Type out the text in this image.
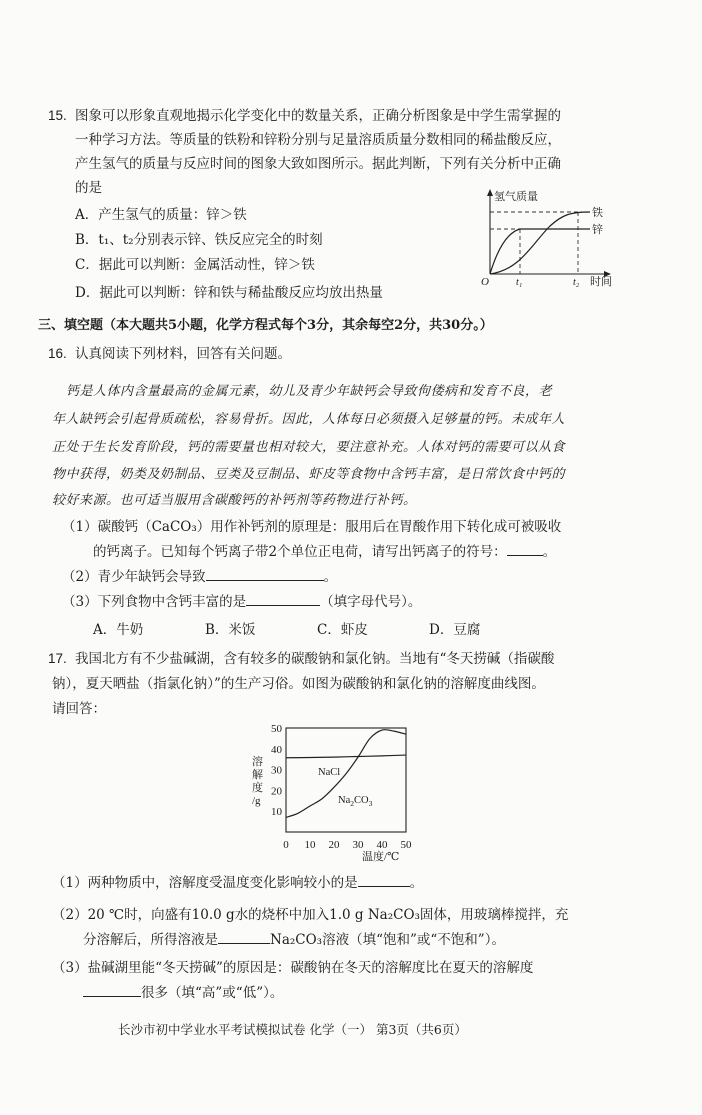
15. 图象可以形象直观地揭示化学变化中的数量关系，正确分析图象是中学生需掌握的
一种学习方法。等质量的铁粉和锌粉分别与足量溶质质量分数相同的稀盐酸反应，
产生氢气的质量与反应时间的图象大致如图所示。据此判断，下列有关分析中正确
的是
A．产生氢气的质量：锌＞铁
B．t₁、t₂分别表示锌、铁反应完全的时刻
C．据此可以判断：金属活动性，锌＞铁
D．据此可以判断：锌和铁与稀盐酸反应均放出热量
氢气质量
铁
锌
O	t₁	t₂ 时间
三、填空题（本大题共5小题，化学方程式每个3分，其余每空2分，共30分。）
16. 认真阅读下列材料，回答有关问题。
钙是人体内含量最高的金属元素，幼儿及青少年缺钙会导致佝偻病和发育不良，老
年人缺钙会引起骨质疏松，容易骨折。因此，人体每日必须摄入足够量的钙。未成年人
正处于生长发育阶段，钙的需要量也相对较大，要注意补充。人体对钙的需要可以从食
物中获得，奶类及奶制品、豆类及豆制品、虾皮等食物中含钙丰富，是日常饮食中钙的
较好来源。也可适当服用含碳酸钙的补钙剂等药物进行补钙。
（1）碳酸钙（CaCO₃）用作补钙剂的原理是：服用后在胃酸作用下转化成可被吸收
的钙离子。已知每个钙离子带2个单位正电荷，请写出钙离子的符号：	。
（2）青少年缺钙会导致	。
（3）下列食物中含钙丰富的是	（填字母代号）。
A．牛奶	B．米饭	C．虾皮	D．豆腐
17. 我国北方有不少盐碱湖，含有较多的碳酸钠和氯化钠。当地有“冬天捞碱（指碳酸
钠），夏天晒盐（指氯化钠）”的生产习俗。如图为碳酸钠和氯化钠的溶解度曲线图。
请回答：
10
20
30
40
50
0 10 20 30 40 50
溶
解
度
/g
NaCl
$Na_2CO_3$
温度/℃
（1）两种物质中，溶解度受温度变化影响较小的是	。
（2）20 ℃时，向盛有10.0 g水的烧杯中加入1.0 g Na₂CO₃固体，用玻璃棒搅拌，充
分溶解后，所得溶液是	Na₂CO₃溶液（填“饱和”或“不饱和”）。
（3）盐碱湖里能“冬天捞碱”的原因是：碳酸钠在冬天的溶解度比在夏天的溶解度
很多（填“高”或“低”）。
长沙市初中学业水平考试模拟试卷 化学（一） 第3页（共6页）
